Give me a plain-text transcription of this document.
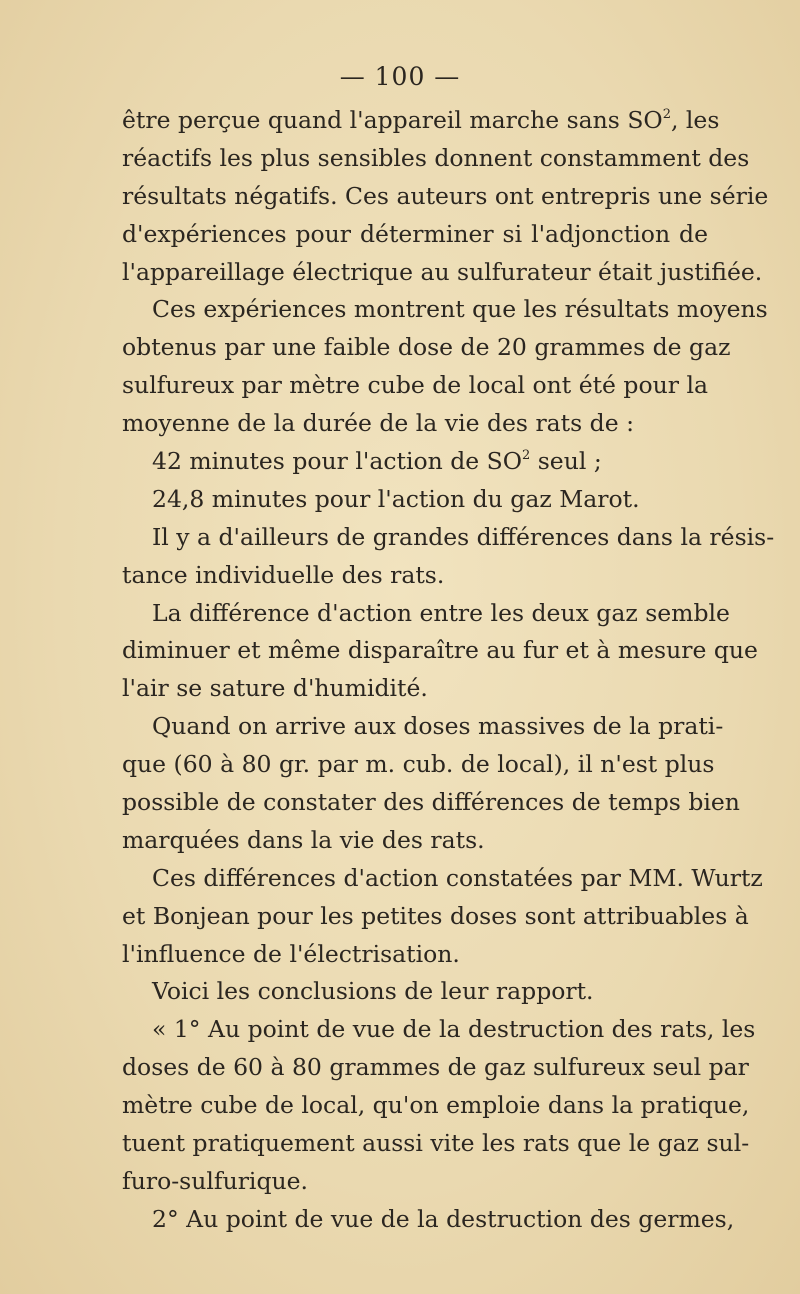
— 100 —
être perçue quand l'appareil marche sans $SO^2$, les
réactifs les plus sensibles donnent constamment des
résultats négatifs. Ces auteurs ont entrepris une série
d'expériences pour déterminer si l'adjonction de
l'appareillage électrique au sulfurateur était justifiée.
Ces expériences montrent que les résultats moyens
obtenus par une faible dose de 20 grammes de gaz
sulfureux par mètre cube de local ont été pour la
moyenne de la durée de la vie des rats de :
42 minutes pour l'action de $SO^2$ seul ;
24,8 minutes pour l'action du gaz Marot.
Il y a d'ailleurs de grandes différences dans la résis-
tance individuelle des rats.
La différence d'action entre les deux gaz semble
diminuer et même disparaître au fur et à mesure que
l'air se sature d'humidité.
Quand on arrive aux doses massives de la prati-
que (60 à 80 gr. par m. cub. de local), il n'est plus
possible de constater des différences de temps bien
marquées dans la vie des rats.
Ces différences d'action constatées par MM. Wurtz
et Bonjean pour les petites doses sont attribuables à
l'influence de l'électrisation.
Voici les conclusions de leur rapport.
« 1° Au point de vue de la destruction des rats, les
doses de 60 à 80 grammes de gaz sulfureux seul par
mètre cube de local, qu'on emploie dans la pratique,
tuent pratiquement aussi vite les rats que le gaz sul-
furo-sulfurique.
2° Au point de vue de la destruction des germes,
